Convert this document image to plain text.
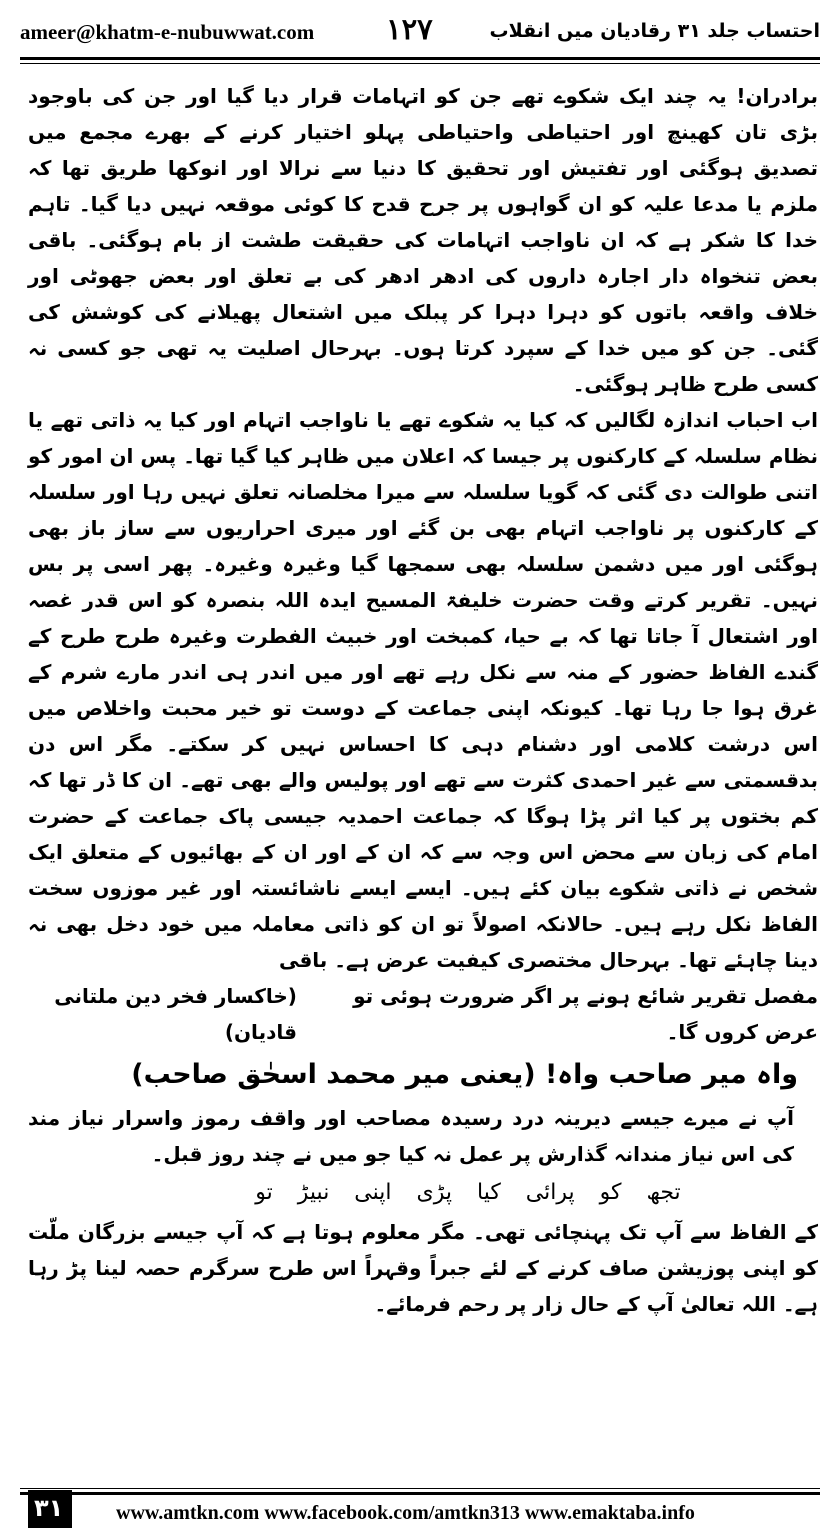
ameer@khatm-e-nubuwwat.com ۱۲۷	احتساب جلد ۳۱ رقادیان میں انقلاب

برادران! یہ چند ایک شکوے تھے جن کو اتہامات قرار دیا گیا اور جن کی باوجود بڑی تان کھینچ اور احتیاطی واحتیاطی پہلو اختیار کرنے کے بھرے مجمع میں تصدیق ہوگئی اور تفتیش اور تحقیق کا دنیا سے نرالا اور انوکھا طریق تھا کہ ملزم یا مدعا علیہ کو ان گواہوں پر جرح قدح کا کوئی موقعہ نہیں دیا گیا۔ تاہم خدا کا شکر ہے کہ ان ناواجب اتہامات کی حقیقت طشت از بام ہوگئی۔ باقی بعض تنخواہ دار اجارہ داروں کی ادھر ادھر کی بے تعلق اور بعض جھوٹی اور خلاف واقعہ باتوں کو دہرا دہرا کر پبلک میں اشتعال پھیلانے کی کوشش کی گئی۔ جن کو میں خدا کے سپرد کرتا ہوں۔ بہرحال اصلیت یہ تھی جو کسی نہ کسی طرح ظاہر ہوگئی۔

اب احباب اندازہ لگالیں کہ کیا یہ شکوے تھے یا ناواجب اتہام اور کیا یہ ذاتی تھے یا نظام سلسلہ کے کارکنوں پر جیسا کہ اعلان میں ظاہر کیا گیا تھا۔ پس ان امور کو اتنی طوالت دی گئی کہ گویا سلسلہ سے میرا مخلصانہ تعلق نہیں رہا اور سلسلہ کے کارکنوں پر ناواجب اتہام بھی بن گئے اور میری احراریوں سے ساز باز بھی ہوگئی اور میں دشمن سلسلہ بھی سمجھا گیا وغیرہ وغیرہ۔ پھر اسی پر بس نہیں۔ تقریر کرتے وقت حضرت خلیفۃ المسیح ایدہ اللہ بنصرہ کو اس قدر غصہ اور اشتعال آ جاتا تھا کہ بے حیا، کمبخت اور خبیث الفطرت وغیرہ طرح طرح کے گندے الفاظ حضور کے منہ سے نکل رہے تھے اور میں اندر ہی اندر مارے شرم کے غرق ہوا جا رہا تھا۔ کیونکہ اپنی جماعت کے دوست تو خیر محبت واخلاص میں اس درشت کلامی اور دشنام دہی کا احساس نہیں کر سکتے۔ مگر اس دن بدقسمتی سے غیر احمدی کثرت سے تھے اور پولیس والے بھی تھے۔ ان کا ڈر تھا کہ کم بختوں پر کیا اثر پڑا ہوگا کہ جماعت احمدیہ جیسی پاک جماعت کے حضرت امام کی زبان سے محض اس وجہ سے کہ ان کے اور ان کے بھائیوں کے متعلق ایک شخص نے ذاتی شکوے بیان کئے ہیں۔ ایسے ایسے ناشائستہ اور غیر موزوں سخت الفاظ نکل رہے ہیں۔ حالانکہ اصولاً تو ان کو ذاتی معاملہ میں خود دخل بھی نہ دینا چاہئے تھا۔ بہرحال مختصری کیفیت عرض ہے۔ باقی

مفصل تقریر شائع ہونے پر اگر ضرورت ہوئی تو عرض کروں گا۔
(خاکسار فخر دین ملتانی قادیان)
واہ میر صاحب واہ! (یعنی میر محمد اسحٰق صاحب)

آپ نے میرے جیسے دیرینہ درد رسیدہ مصاحب اور واقف رموز واسرار نیاز مند کی اس نیاز مندانہ گذارش پر عمل نہ کیا جو میں نے چند روز قبل۔

تجھ کو پرائی کیا پڑی اپنی نبیڑ تو

کے الفاظ سے آپ تک پہنچائی تھی۔ مگر معلوم ہوتا ہے کہ آپ جیسے بزرگان ملّت کو اپنی پوزیشن صاف کرنے کے لئے جبراً وقہراً اس طرح سرگرم حصہ لینا پڑ رہا ہے۔ اللہ تعالیٰ آپ کے حال زار پر رحم فرمائے۔

۳۱	www.amtkn.com www.facebook.com/amtkn313 www.emaktaba.info
